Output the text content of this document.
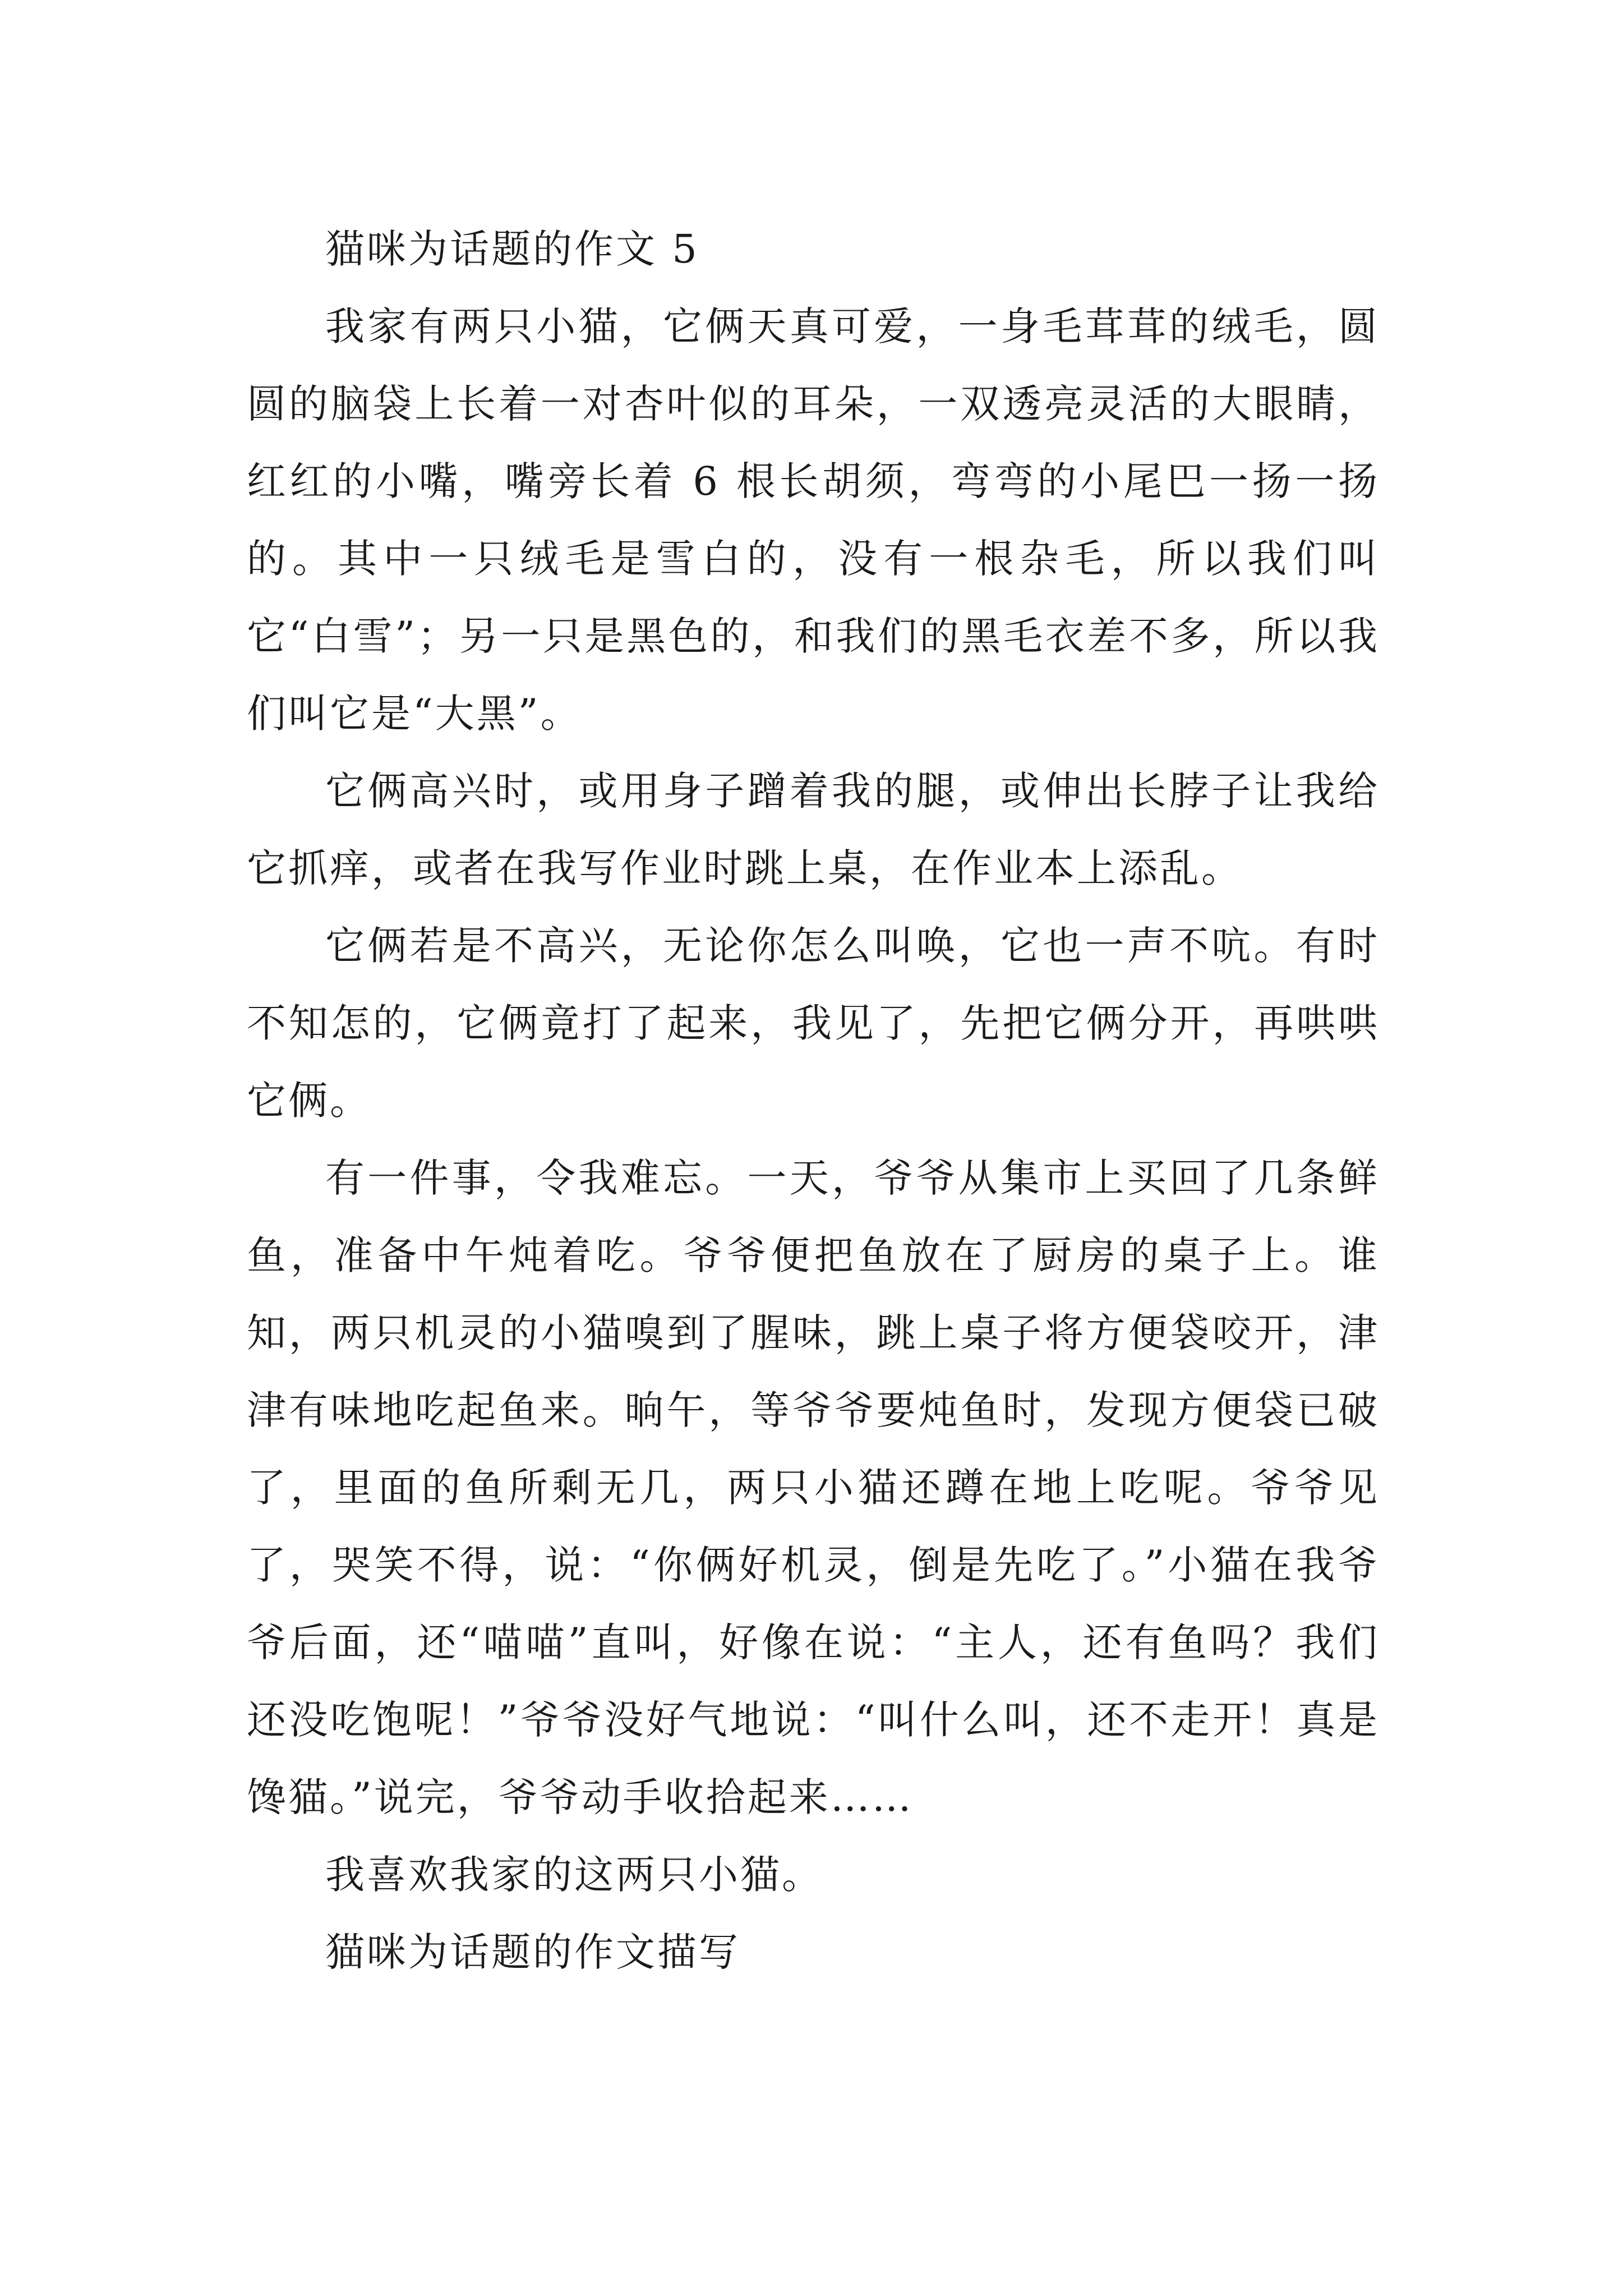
猫咪为话题的作文 5

我家有两只小猫，它俩天真可爱，一身毛茸茸的绒毛，圆圆的脑袋上长着一对杏叶似的耳朵，一双透亮灵活的大眼睛，红红的小嘴，嘴旁长着 6 根长胡须，弯弯的小尾巴一扬一扬的。其中一只绒毛是雪白的，没有一根杂毛，所以我们叫它“白雪”；另一只是黑色的，和我们的黑毛衣差不多，所以我们叫它是“大黑”。

它俩高兴时，或用身子蹭着我的腿，或伸出长脖子让我给它抓痒，或者在我写作业时跳上桌，在作业本上添乱。

它俩若是不高兴，无论你怎么叫唤，它也一声不吭。有时不知怎的，它俩竟打了起来，我见了，先把它俩分开，再哄哄它俩。

有一件事，令我难忘。一天，爷爷从集市上买回了几条鲜鱼，准备中午炖着吃。爷爷便把鱼放在了厨房的桌子上。谁知，两只机灵的小猫嗅到了腥味，跳上桌子将方便袋咬开，津津有味地吃起鱼来。晌午，等爷爷要炖鱼时，发现方便袋已破了，里面的鱼所剩无几，两只小猫还蹲在地上吃呢。爷爷见了，哭笑不得，说：“你俩好机灵，倒是先吃了。”小猫在我爷爷后面，还“喵喵”直叫，好像在说：“主人，还有鱼吗？我们还没吃饱呢！”爷爷没好气地说：“叫什么叫，还不走开！真是馋猫。”说完，爷爷动手收拾起来……

我喜欢我家的这两只小猫。

猫咪为话题的作文描写
